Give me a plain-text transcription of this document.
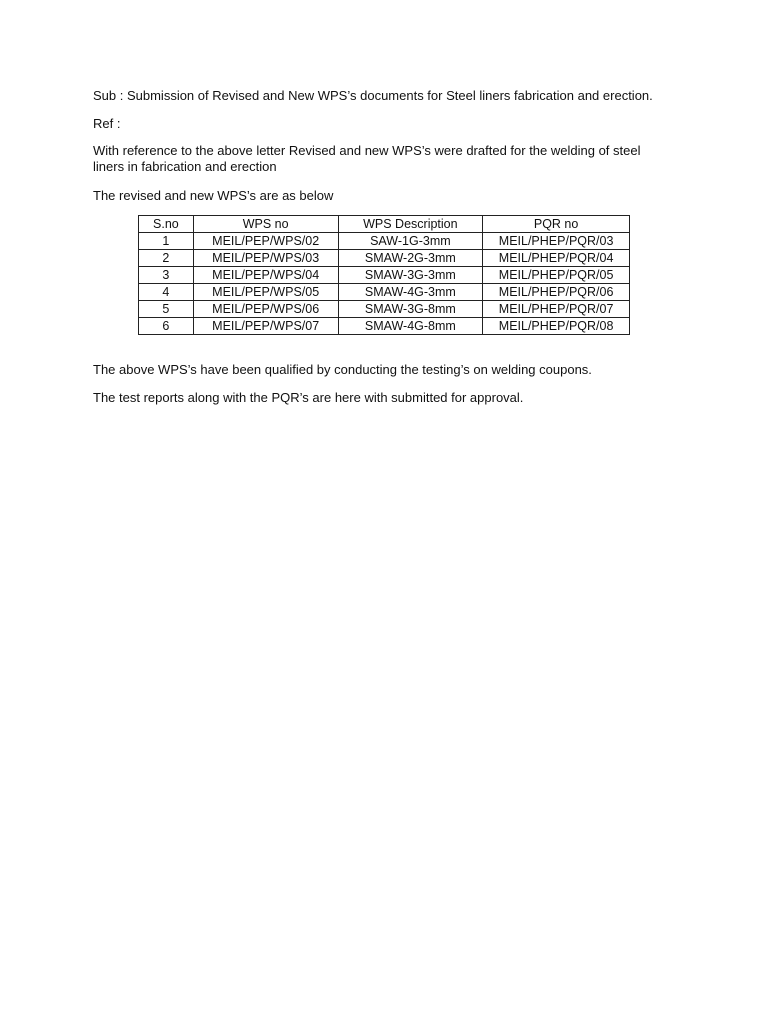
Sub : Submission of Revised and New WPS’s documents for Steel liners fabrication and erection.

Ref :

With reference to the above letter Revised and new WPS’s were drafted for the welding of steel liners in fabrication and erection

The revised and new WPS’s are as below

S.no	WPS no	WPS Description	PQR no
1	MEIL/PEP/WPS/02	SAW-1G-3mm	MEIL/PHEP/PQR/03
2	MEIL/PEP/WPS/03	SMAW-2G-3mm	MEIL/PHEP/PQR/04
3	MEIL/PEP/WPS/04	SMAW-3G-3mm	MEIL/PHEP/PQR/05
4	MEIL/PEP/WPS/05	SMAW-4G-3mm	MEIL/PHEP/PQR/06
5	MEIL/PEP/WPS/06	SMAW-3G-8mm	MEIL/PHEP/PQR/07
6	MEIL/PEP/WPS/07	SMAW-4G-8mm	MEIL/PHEP/PQR/08

The above WPS’s have been qualified by conducting the testing’s on welding coupons.

The test reports along with the PQR’s are here with submitted for approval.
